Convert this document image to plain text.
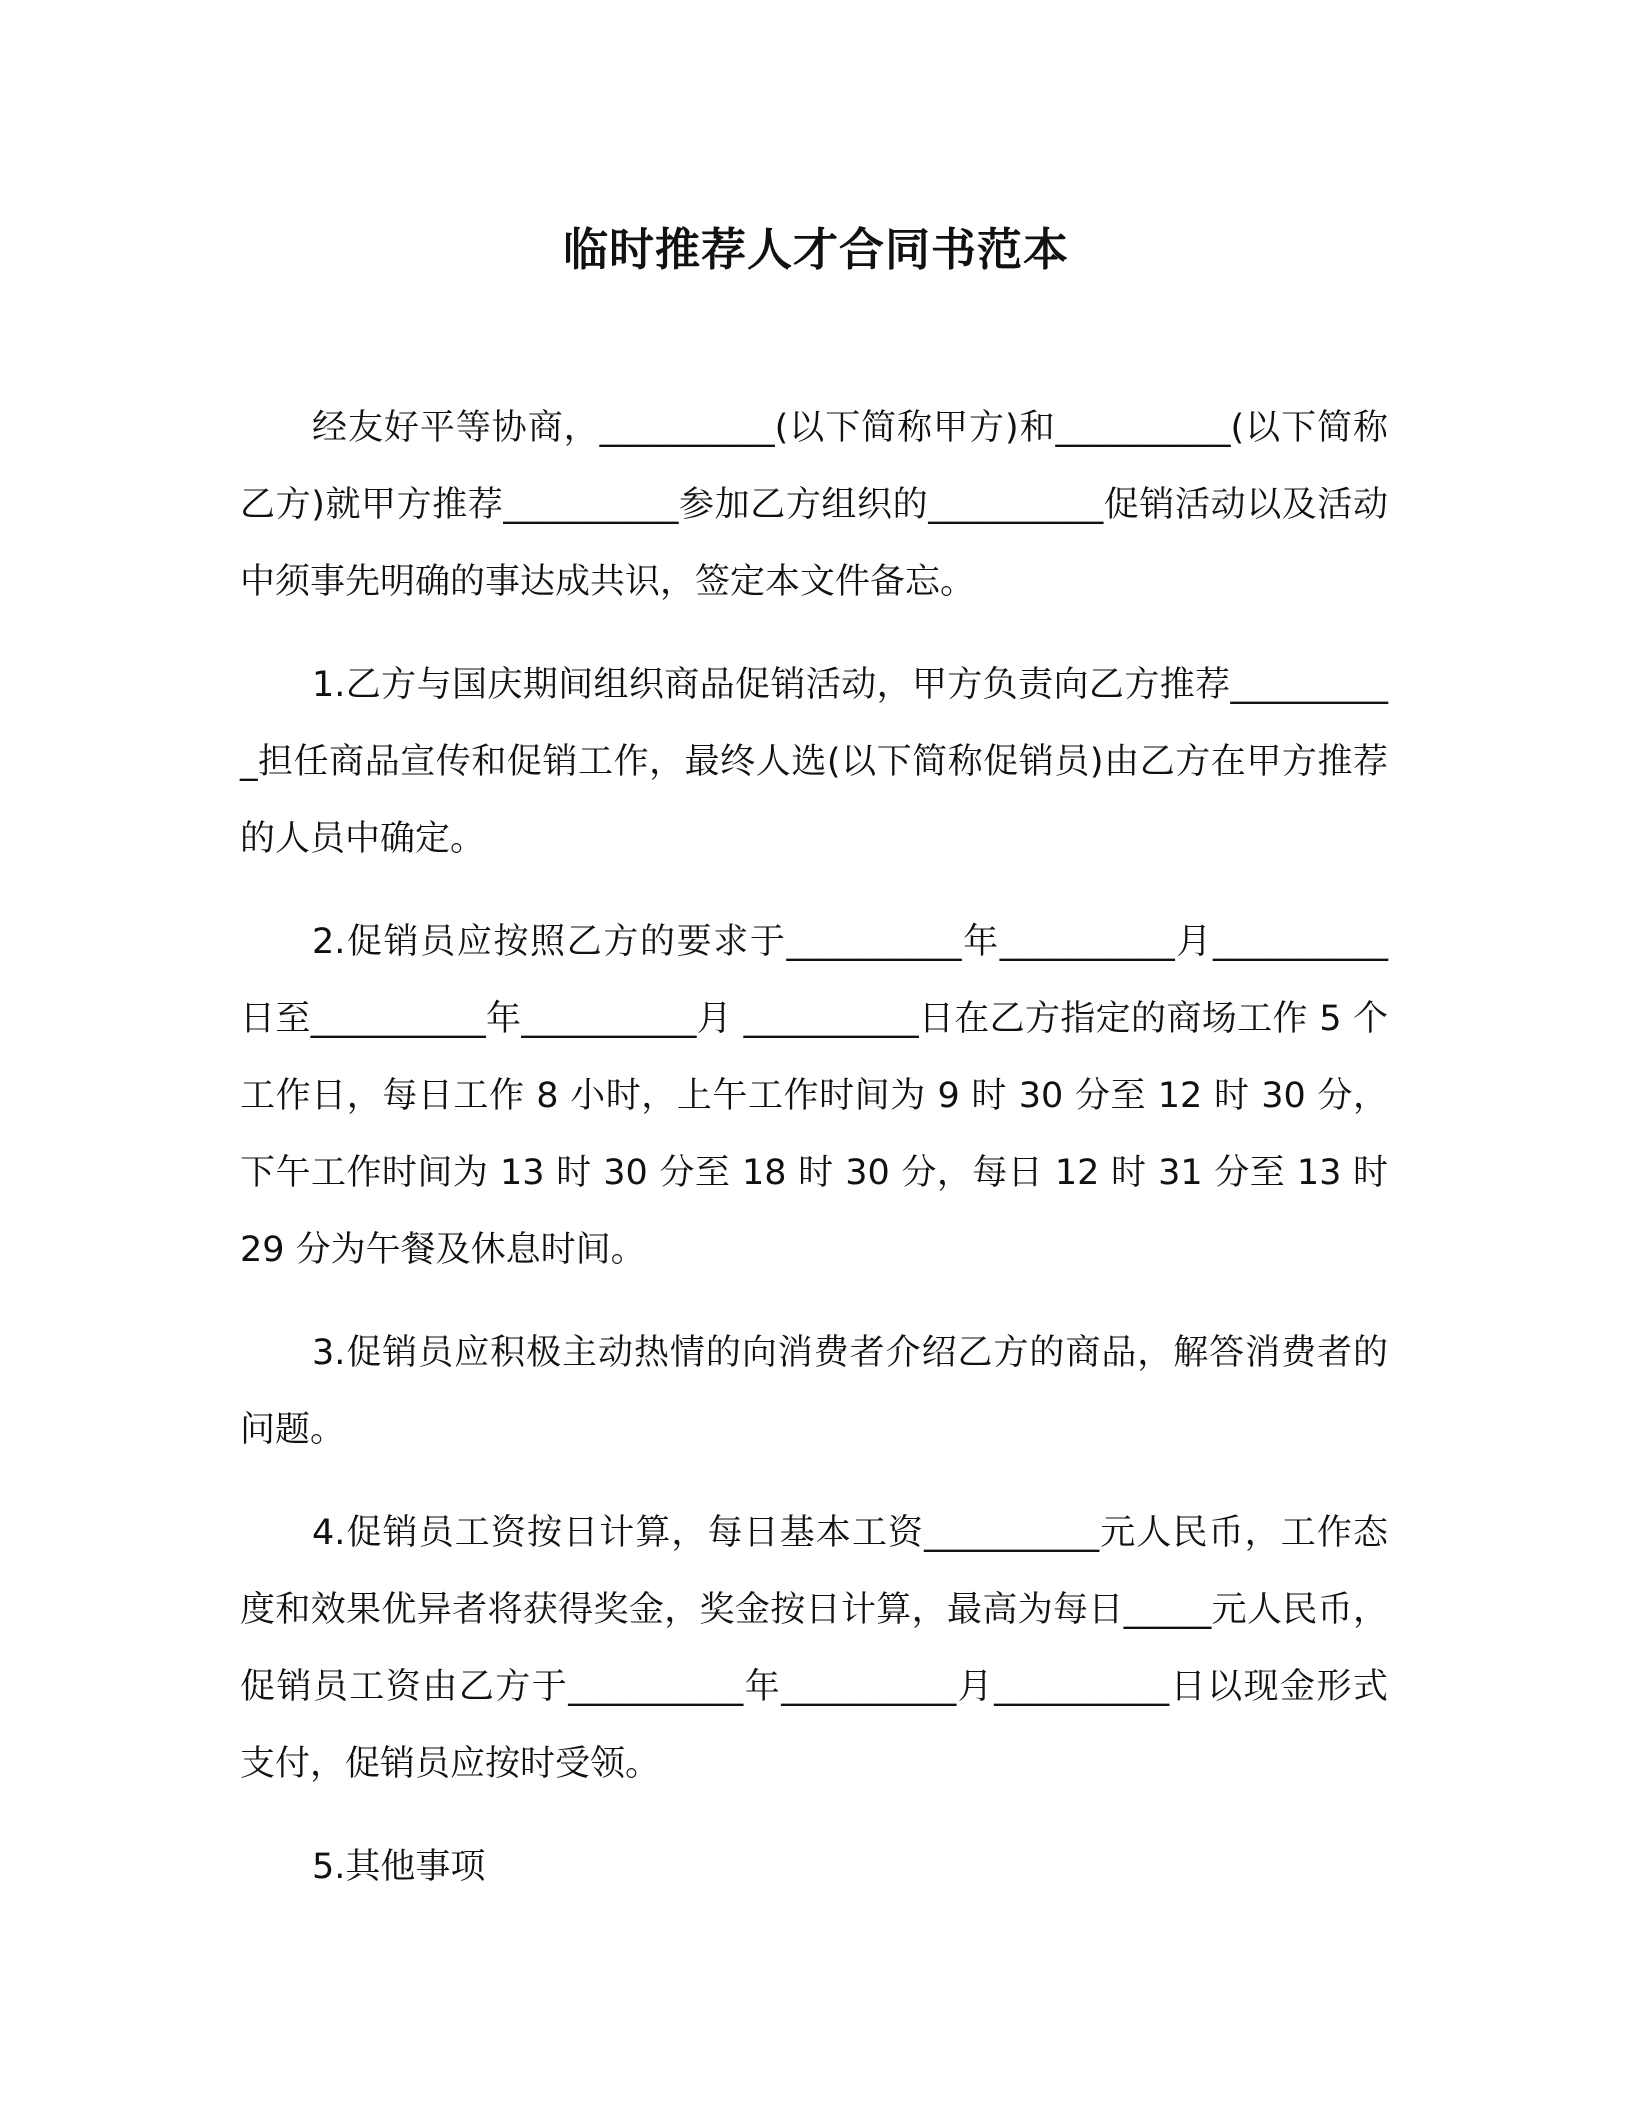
临时推荐人才合同书范本

经友好平等协商，__________(以下简称甲方)和__________(以下简称乙方)就甲方推荐__________参加乙方组织的__________促销活动以及活动中须事先明确的事达成共识，签定本文件备忘。

1.乙方与国庆期间组织商品促销活动，甲方负责向乙方推荐__________担任商品宣传和促销工作，最终人选(以下简称促销员)由乙方在甲方推荐的人员中确定。

2.促销员应按照乙方的要求于__________年__________月__________日至__________年__________月 __________日在乙方指定的商场工作 5 个工作日，每日工作 8 小时，上午工作时间为 9 时 30 分至 12 时 30 分，下午工作时间为 13 时 30 分至 18 时 30 分，每日 12 时 31 分至 13 时 29 分为午餐及休息时间。

3.促销员应积极主动热情的向消费者介绍乙方的商品，解答消费者的问题。

4.促销员工资按日计算，每日基本工资__________元人民币，工作态度和效果优异者将获得奖金，奖金按日计算，最高为每日_____元人民币，促销员工资由乙方于__________年__________月__________日以现金形式支付，促销员应按时受领。

5.其他事项
